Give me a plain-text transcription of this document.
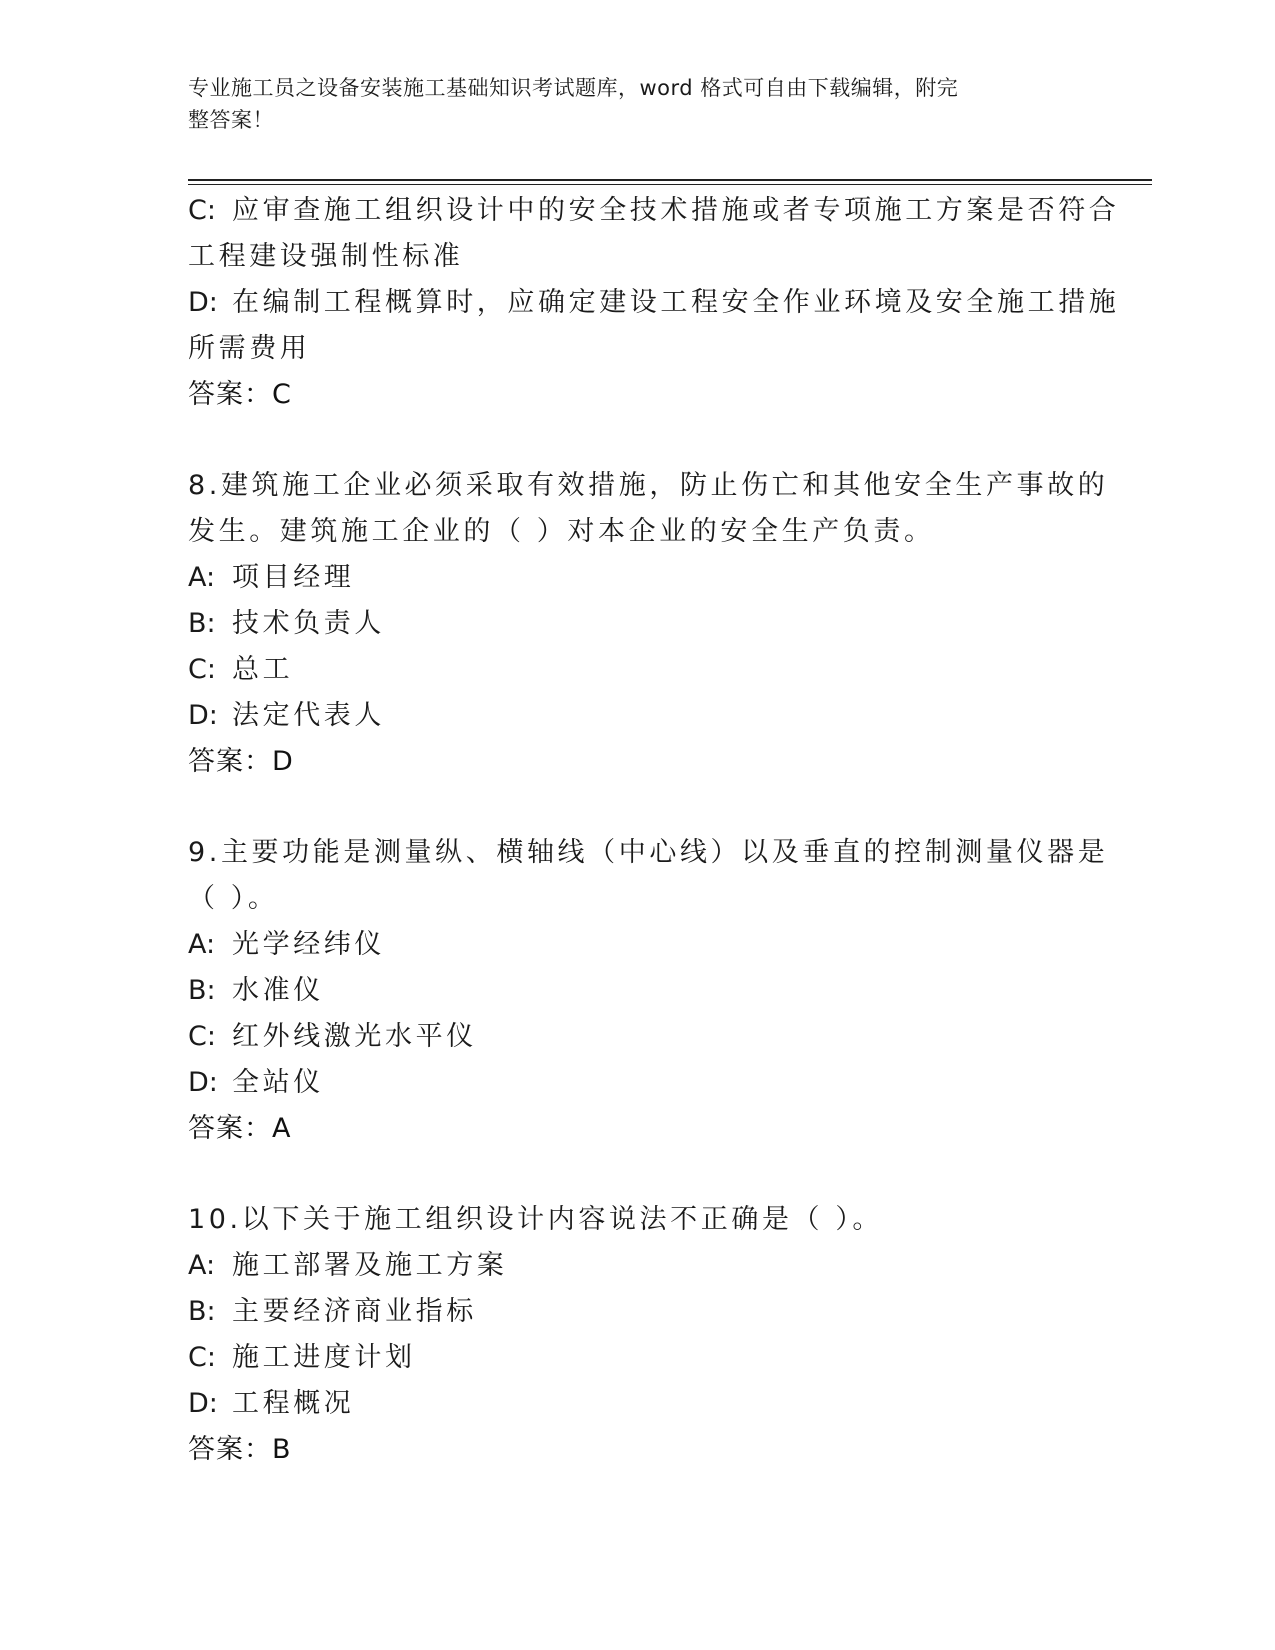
专业施工员之设备安装施工基础知识考试题库，word 格式可自由下载编辑，附完
整答案！

C: 应审查施工组织设计中的安全技术措施或者专项施工方案是否符合

工程建设强制性标准

D: 在编制工程概算时，应确定建设工程安全作业环境及安全施工措施

所需费用

答案：C

8.建筑施工企业必须采取有效措施，防止伤亡和其他安全生产事故的

发生。建筑施工企业的（ ）对本企业的安全生产负责。

A: 项目经理

B: 技术负责人

C: 总工

D: 法定代表人

答案：D

9.主要功能是测量纵、横轴线（中心线）以及垂直的控制测量仪器是

（ ）。

A: 光学经纬仪

B: 水准仪

C: 红外线激光水平仪

D: 全站仪

答案：A

10.以下关于施工组织设计内容说法不正确是（ ）。

A: 施工部署及施工方案

B: 主要经济商业指标

C: 施工进度计划

D: 工程概况

答案：B
